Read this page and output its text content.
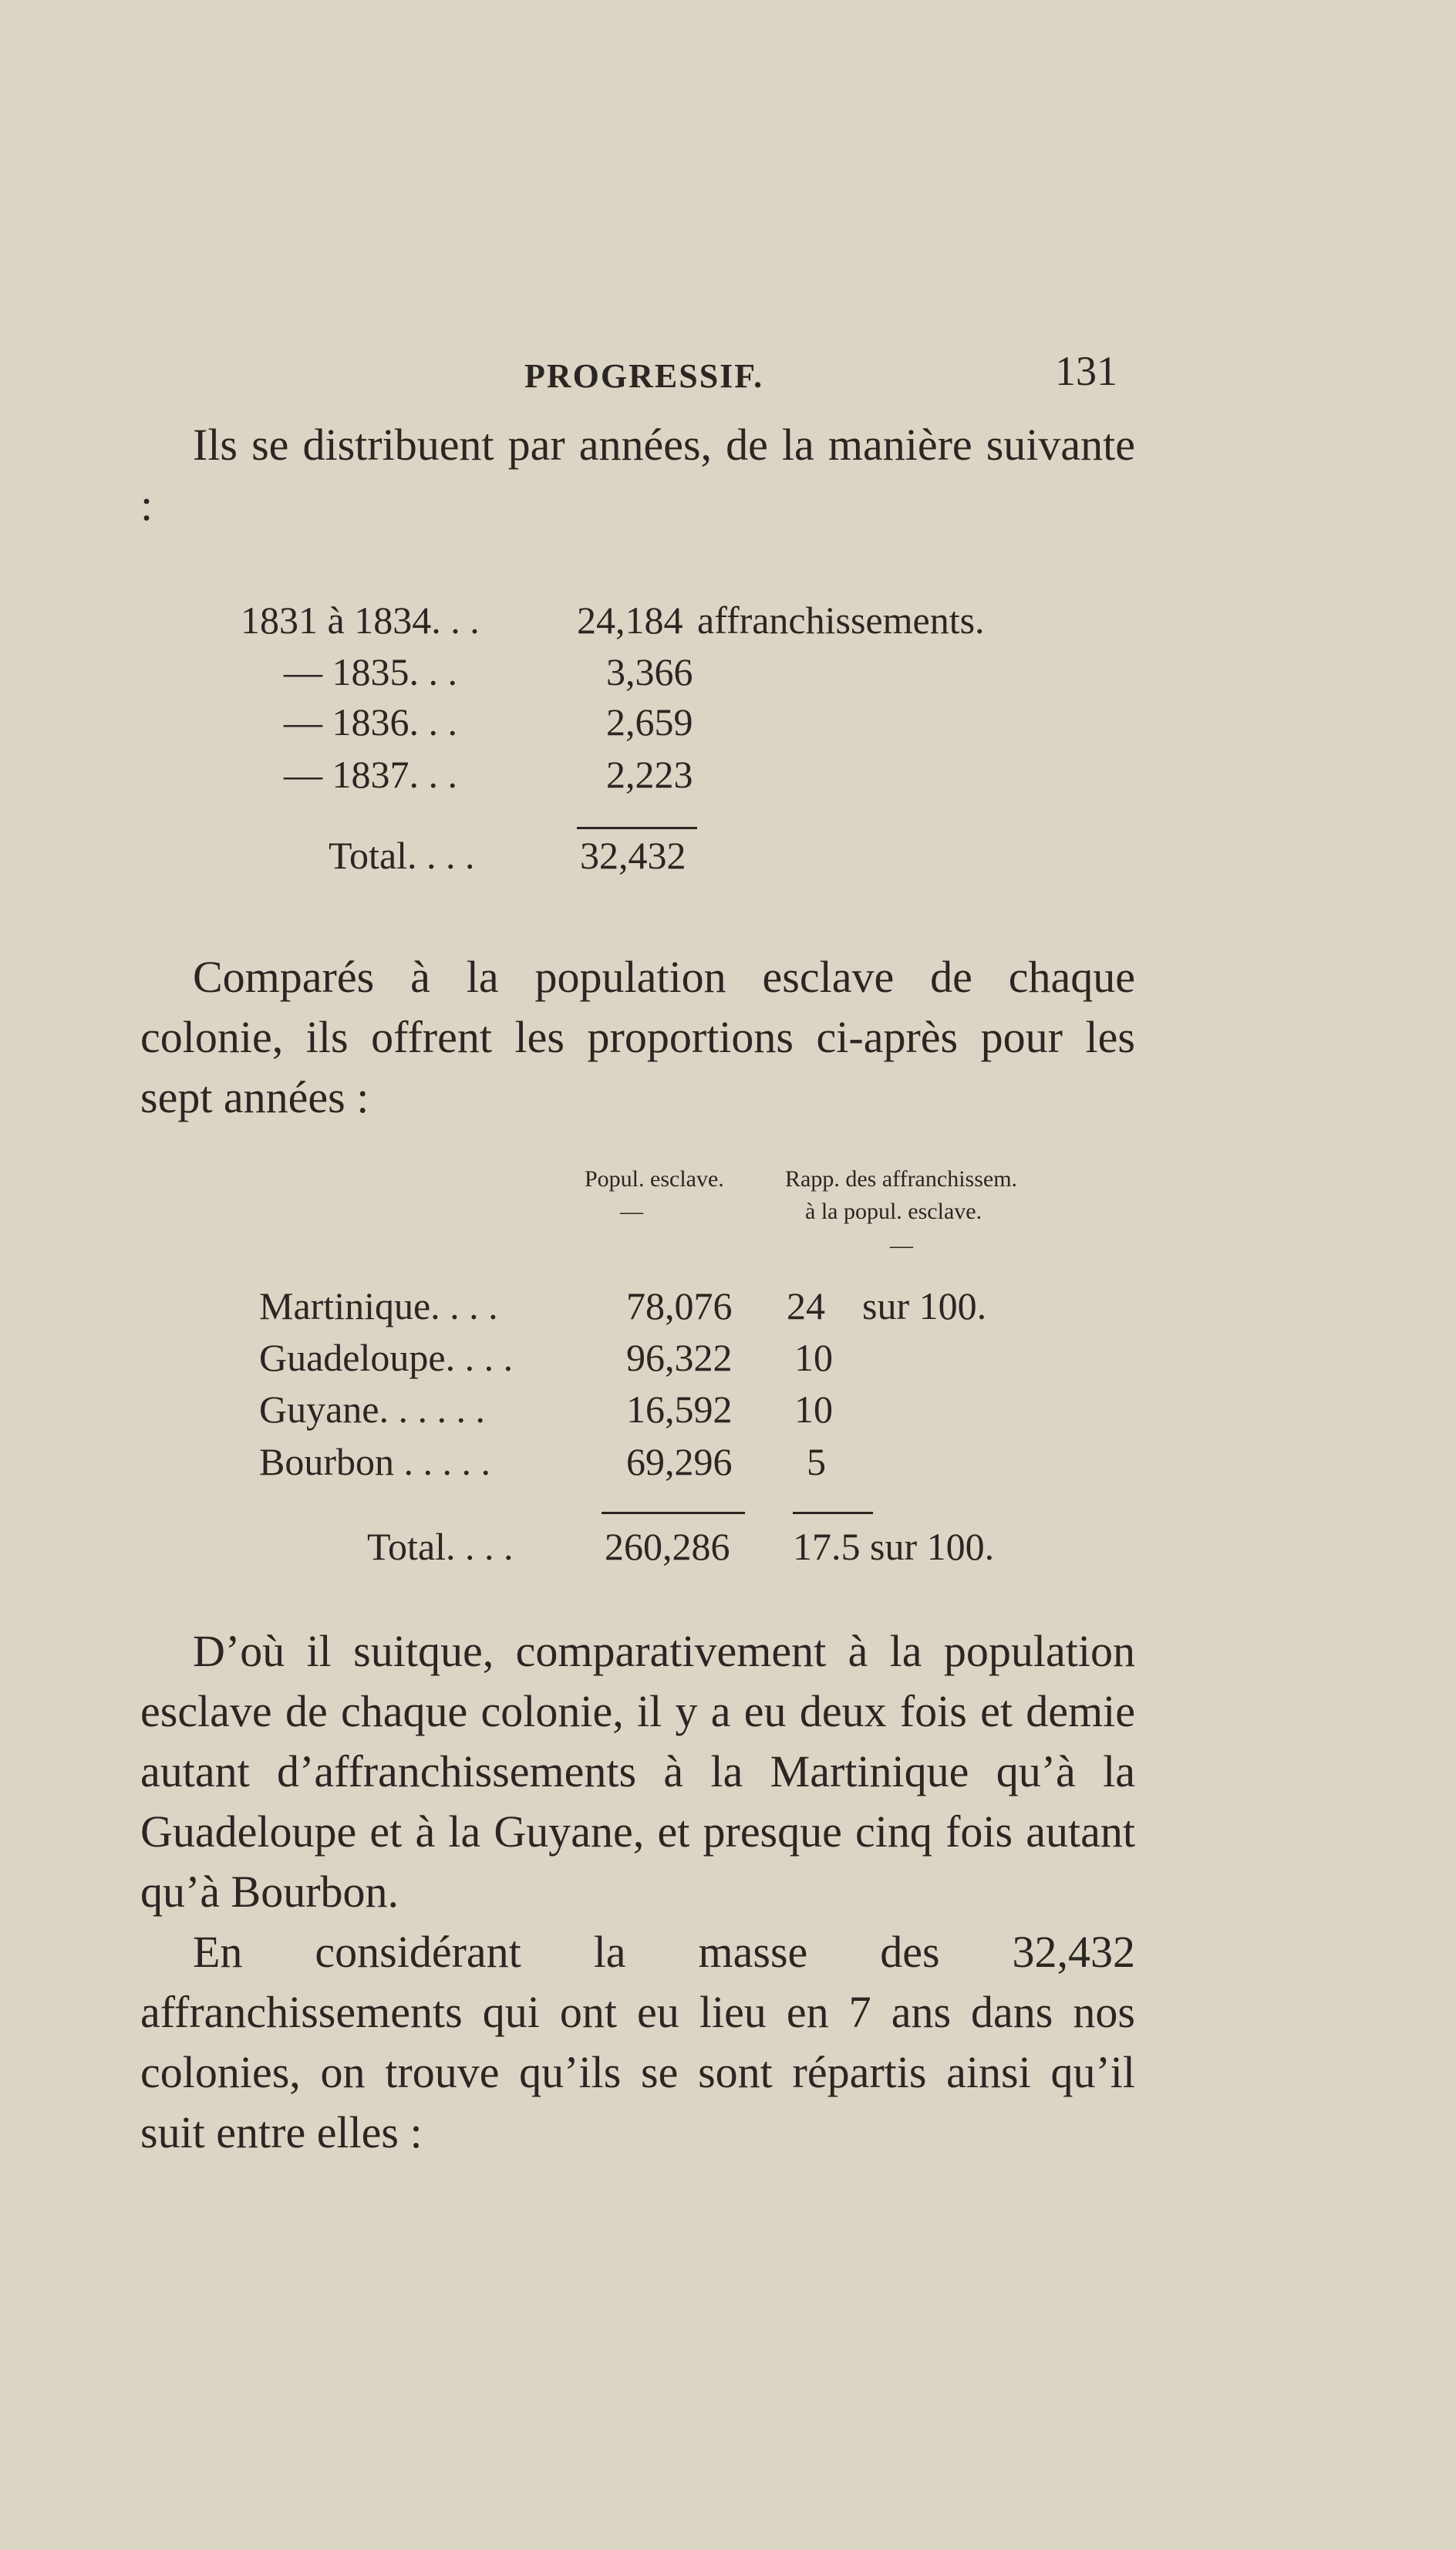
PROGRESSIF.	131
Ils se distribuent par années, de la manière suivante :
1831 à 1834. . .	24,184 affranchissements.
— 1835. . .	3,366
— 1836. . .	2,659
— 1837. . .	2,223
Total. . . .	32,432
Comparés à la population esclave de chaque colonie, ils offrent les proportions ci-après pour les sept années :
Popul. esclave.	Rapp. des affranchissem.
—	à la popul. esclave.
—
Martinique. . . .	78,076 24 sur 100.
Guadeloupe. . . .	96,322 10
Guyane. . . . . .	16,592 10
Bourbon . . . . .	69,296 5
Total. . . . 260,286 17.5 sur 100.
D’où il suitque, comparativement à la population esclave de chaque colonie, il y a eu deux fois et demie autant d’affranchissements à la Martinique qu’à la Guadeloupe et à la Guyane, et presque cinq fois autant qu’à Bourbon.
En considérant la masse des 32,432 affranchissements qui ont eu lieu en 7 ans dans nos colonies, on trouve qu’ils se sont répartis ainsi qu’il suit entre elles :
